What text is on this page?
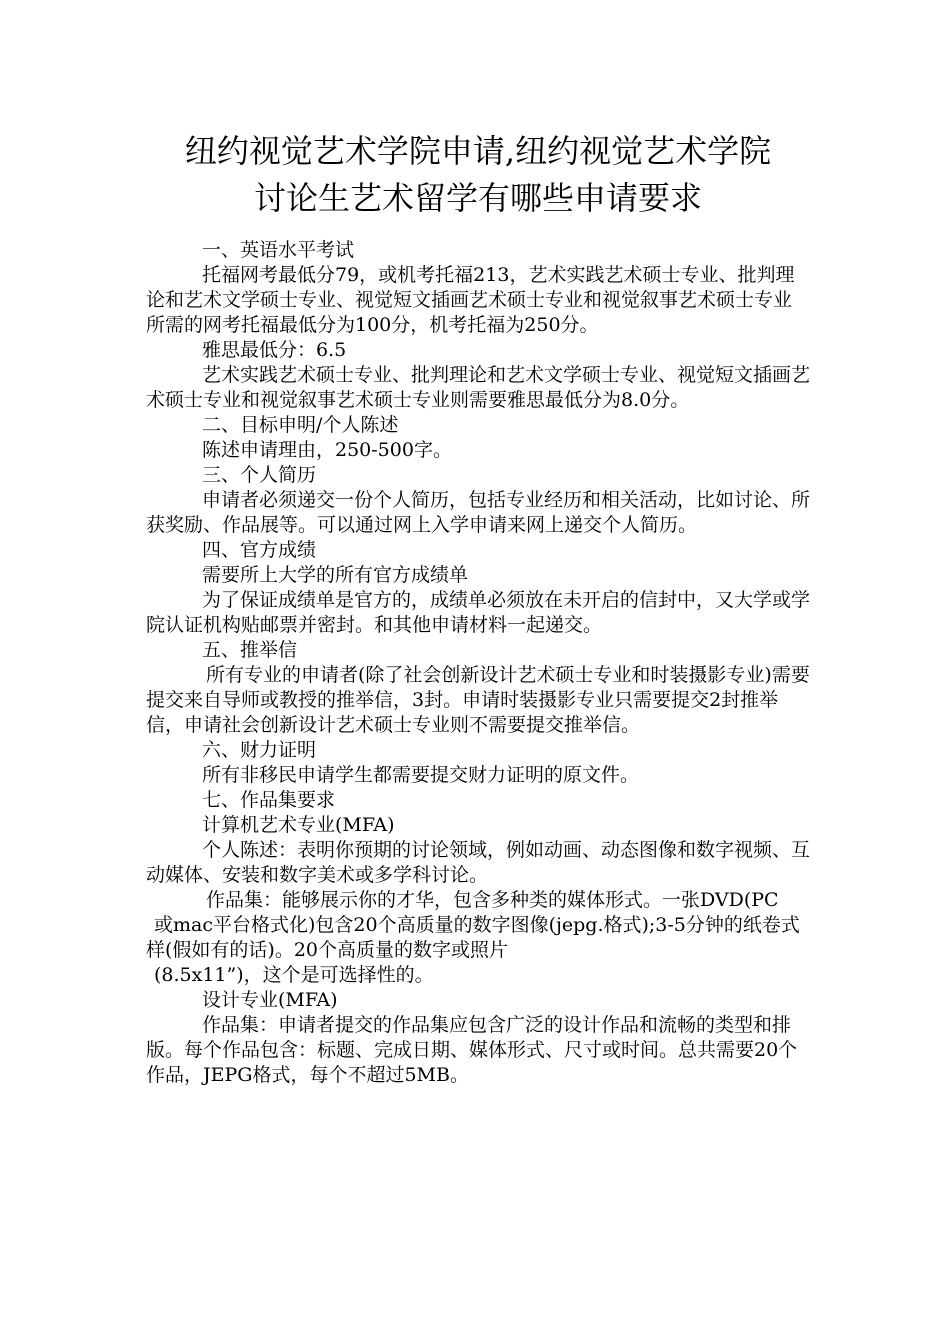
纽约视觉艺术学院申请,纽约视觉艺术学院
讨论生艺术留学有哪些申请要求

一、英语水平考试

托福网考最低分79，或机考托福213，艺术实践艺术硕士专业、批判理论和艺术文学硕士专业、视觉短文插画艺术硕士专业和视觉叙事艺术硕士专业所需的网考托福最低分为100分，机考托福为250分。

雅思最低分：6.5

艺术实践艺术硕士专业、批判理论和艺术文学硕士专业、视觉短文插画艺术硕士专业和视觉叙事艺术硕士专业则需要雅思最低分为8.0分。

二、目标申明/个人陈述

陈述申请理由，250-500字。

三、个人简历

申请者必须递交一份个人简历，包括专业经历和相关活动，比如讨论、所获奖励、作品展等。可以通过网上入学申请来网上递交个人简历。

四、官方成绩

需要所上大学的所有官方成绩单

为了保证成绩单是官方的，成绩单必须放在未开启的信封中，又大学或学院认证机构贴邮票并密封。和其他申请材料一起递交。

五、推举信

所有专业的申请者(除了社会创新设计艺术硕士专业和时装摄影专业)需要提交来自导师或教授的推举信，3封。申请时装摄影专业只需要提交2封推举信，申请社会创新设计艺术硕士专业则不需要提交推举信。

六、财力证明

所有非移民申请学生都需要提交财力证明的原文件。

七、作品集要求

计算机艺术专业(MFA)

个人陈述：表明你预期的讨论领域，例如动画、动态图像和数字视频、互动媒体、安装和数字美术或多学科讨论。

作品集：能够展示你的才华，包含多种类的媒体形式。一张DVD(PC

或mac平台格式化)包含20个高质量的数字图像(jepg.格式);3-5分钟的纸卷式样(假如有的话)。20个高质量的数字或照片

(8.5x11”)，这个是可选择性的。

设计专业(MFA)

作品集：申请者提交的作品集应包含广泛的设计作品和流畅的类型和排版。每个作品包含：标题、完成日期、媒体形式、尺寸或时间。总共需要20个作品，JEPG格式，每个不超过5MB。
